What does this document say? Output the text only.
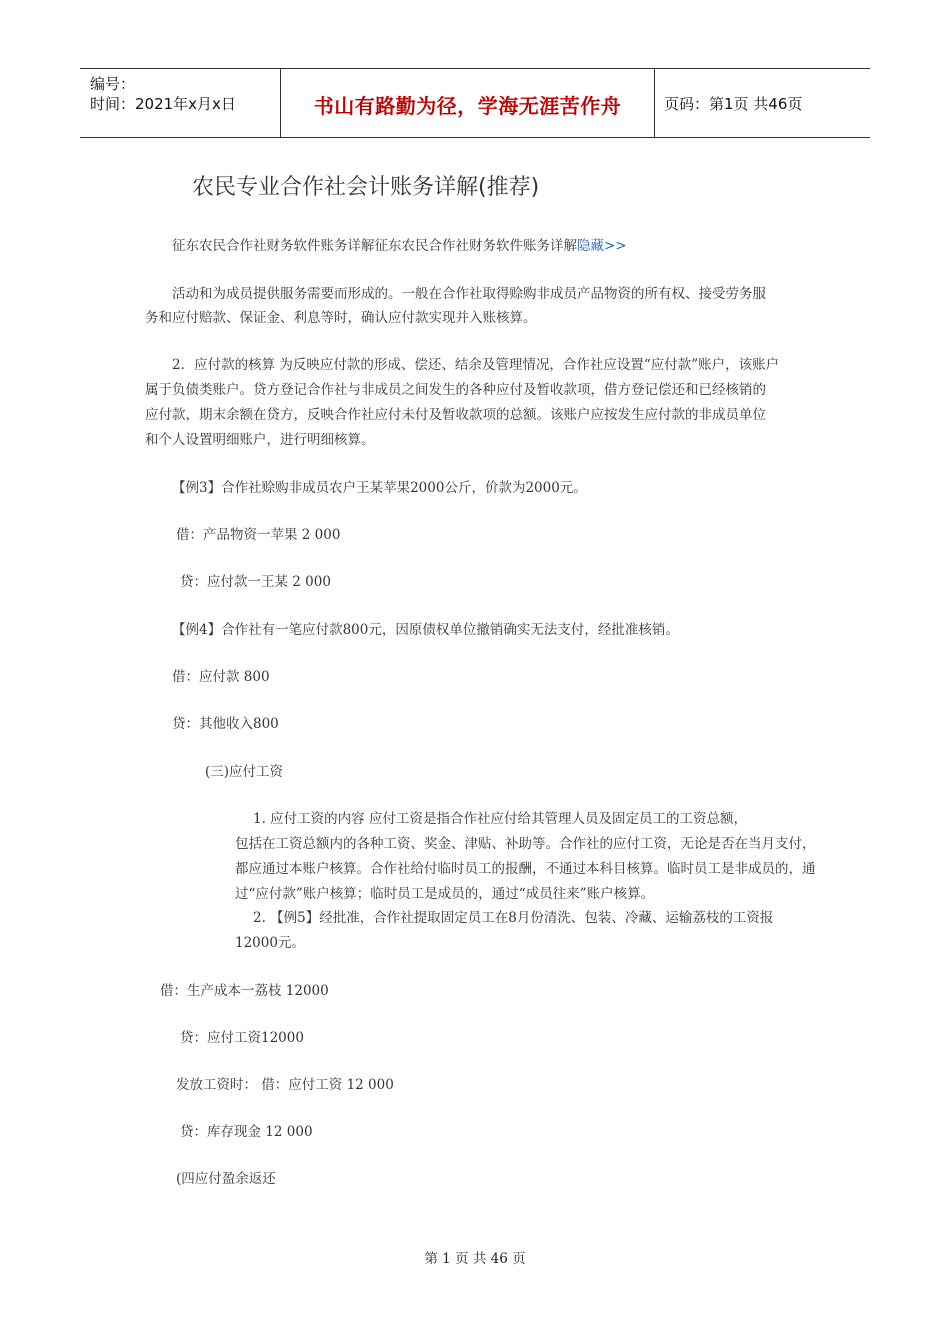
编号：
时间：2021年x月x日	书山有路勤为径，学海无涯苦作舟	页码：第1页 共46页
农民专业合作社会计账务详解(推荐)
征东农民合作社财务软件账务详解征东农民合作社财务软件账务详解隐藏>>
活动和为成员提供服务需要而形成的。一般在合作社取得赊购非成员产品物资的所有权、接受劳务服
务和应付赔款、保证金、利息等时，确认应付款实现并入账核算。
2．应付款的核算 为反映应付款的形成、偿还、结余及管理情况，合作社应设置“应付款”账户，该账户
属于负债类账户。贷方登记合作社与非成员之间发生的各种应付及暂收款项，借方登记偿还和已经核销的
应付款，期末余额在贷方，反映合作社应付未付及暂收款项的总额。该账户应按发生应付款的非成员单位
和个人设置明细账户，进行明细核算。
【例3】合作社赊购非成员农户王某苹果2000公斤，价款为2000元。
借：产品物资一苹果 2 000
贷：应付款一王某 2 000
【例4】合作社有一笔应付款800元，因原债权单位撤销确实无法支付，经批准核销。
借：应付款 800
贷：其他收入800
(三)应付工资
1. 应付工资的内容 应付工资是指合作社应付给其管理人员及固定员工的工资总额，
包括在工资总额内的各种工资、奖金、津贴、补助等。合作社的应付工资，无论是否在当月支付，
都应通过本账户核算。合作社给付临时员工的报酬，不通过本科目核算。临时员工是非成员的，通
过“应付款”账户核算；临时员工是成员的，通过“成员往来”账户核算。
2. 【例5】经批准，合作社提取固定员工在8月份清洗、包装、冷藏、运输荔枝的工资报
12000元。
借：生产成本一荔枝 12000
贷：应付工资12000
发放工资时： 借：应付工资 12 000
贷：库存现金 12 000
(四应付盈余返还
第 1 页 共 46 页
